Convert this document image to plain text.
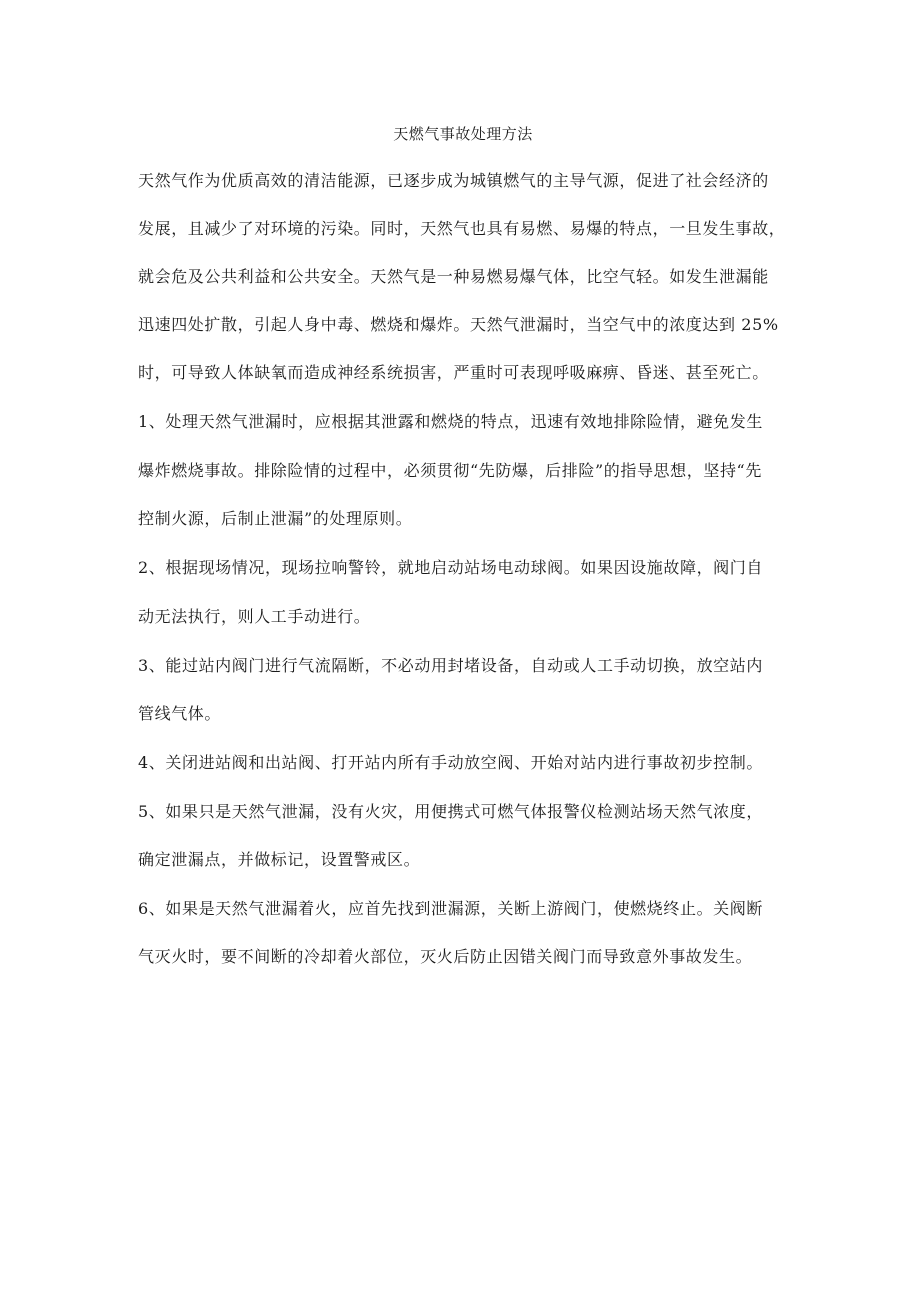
天燃气事故处理方法
天然气作为优质高效的清洁能源，已逐步成为城镇燃气的主导气源，促进了社会经济的
发展，且减少了对环境的污染。同时，天然气也具有易燃、易爆的特点，一旦发生事故，
就会危及公共利益和公共安全。天然气是一种易燃易爆气体，比空气轻。如发生泄漏能
迅速四处扩散，引起人身中毒、燃烧和爆炸。天然气泄漏时，当空气中的浓度达到 25%
时，可导致人体缺氧而造成神经系统损害，严重时可表现呼吸麻痹、昏迷、甚至死亡。
1、处理天然气泄漏时，应根据其泄露和燃烧的特点，迅速有效地排除险情，避免发生
爆炸燃烧事故。排除险情的过程中，必须贯彻“先防爆，后排险”的指导思想，坚持“先
控制火源，后制止泄漏”的处理原则。
2、根据现场情况，现场拉响警铃，就地启动站场电动球阀。如果因设施故障，阀门自
动无法执行，则人工手动进行。
3、能过站内阀门进行气流隔断，不必动用封堵设备，自动或人工手动切换，放空站内
管线气体。
4、关闭进站阀和出站阀、打开站内所有手动放空阀、开始对站内进行事故初步控制。
5、如果只是天然气泄漏，没有火灾，用便携式可燃气体报警仪检测站场天然气浓度，
确定泄漏点，并做标记，设置警戒区。
6、如果是天然气泄漏着火，应首先找到泄漏源，关断上游阀门，使燃烧终止。关阀断
气灭火时，要不间断的冷却着火部位，灭火后防止因错关阀门而导致意外事故发生。
